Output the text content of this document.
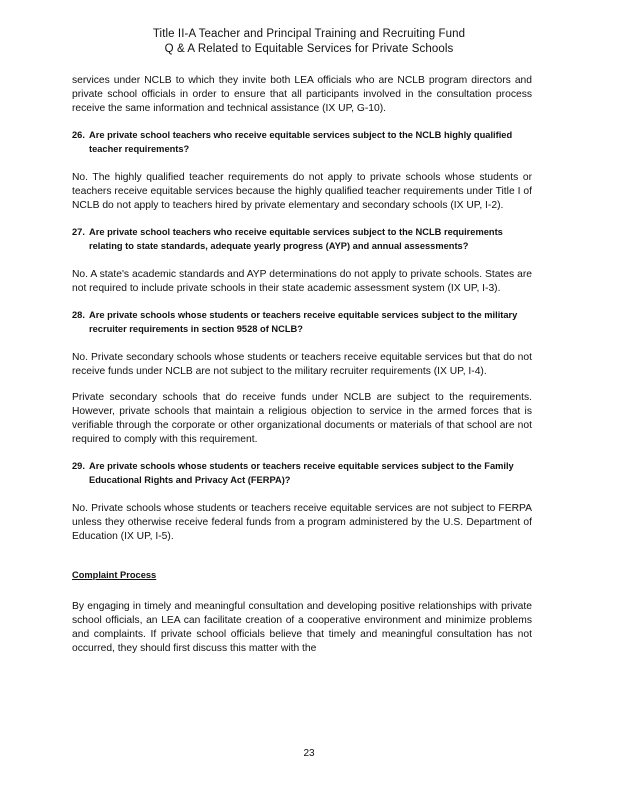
Title II-A Teacher and Principal Training and Recruiting Fund
Q & A Related to Equitable Services for Private Schools

services under NCLB to which they invite both LEA officials who are NCLB program directors and private school officials in order to ensure that all participants involved in the consultation process receive the same information and technical assistance (IX UP, G-10).

26. Are private school teachers who receive equitable services subject to the NCLB highly qualified teacher requirements?

No. The highly qualified teacher requirements do not apply to private schools whose students or teachers receive equitable services because the highly qualified teacher requirements under Title I of NCLB do not apply to teachers hired by private elementary and secondary schools (IX UP, I-2).

27. Are private school teachers who receive equitable services subject to the NCLB requirements relating to state standards, adequate yearly progress (AYP) and annual assessments?

No. A state's academic standards and AYP determinations do not apply to private schools. States are not required to include private schools in their state academic assessment system (IX UP, I-3).

28. Are private schools whose students or teachers receive equitable services subject to the military recruiter requirements in section 9528 of NCLB?

No. Private secondary schools whose students or teachers receive equitable services but that do not receive funds under NCLB are not subject to the military recruiter requirements (IX UP, I-4).

Private secondary schools that do receive funds under NCLB are subject to the requirements. However, private schools that maintain a religious objection to service in the armed forces that is verifiable through the corporate or other organizational documents or materials of that school are not required to comply with this requirement.

29. Are private schools whose students or teachers receive equitable services subject to the Family Educational Rights and Privacy Act (FERPA)?

No. Private schools whose students or teachers receive equitable services are not subject to FERPA unless they otherwise receive federal funds from a program administered by the U.S. Department of Education (IX UP, I-5).

Complaint Process

By engaging in timely and meaningful consultation and developing positive relationships with private school officials, an LEA can facilitate creation of a cooperative environment and minimize problems and complaints. If private school officials believe that timely and meaningful consultation has not occurred, they should first discuss this matter with the

23
